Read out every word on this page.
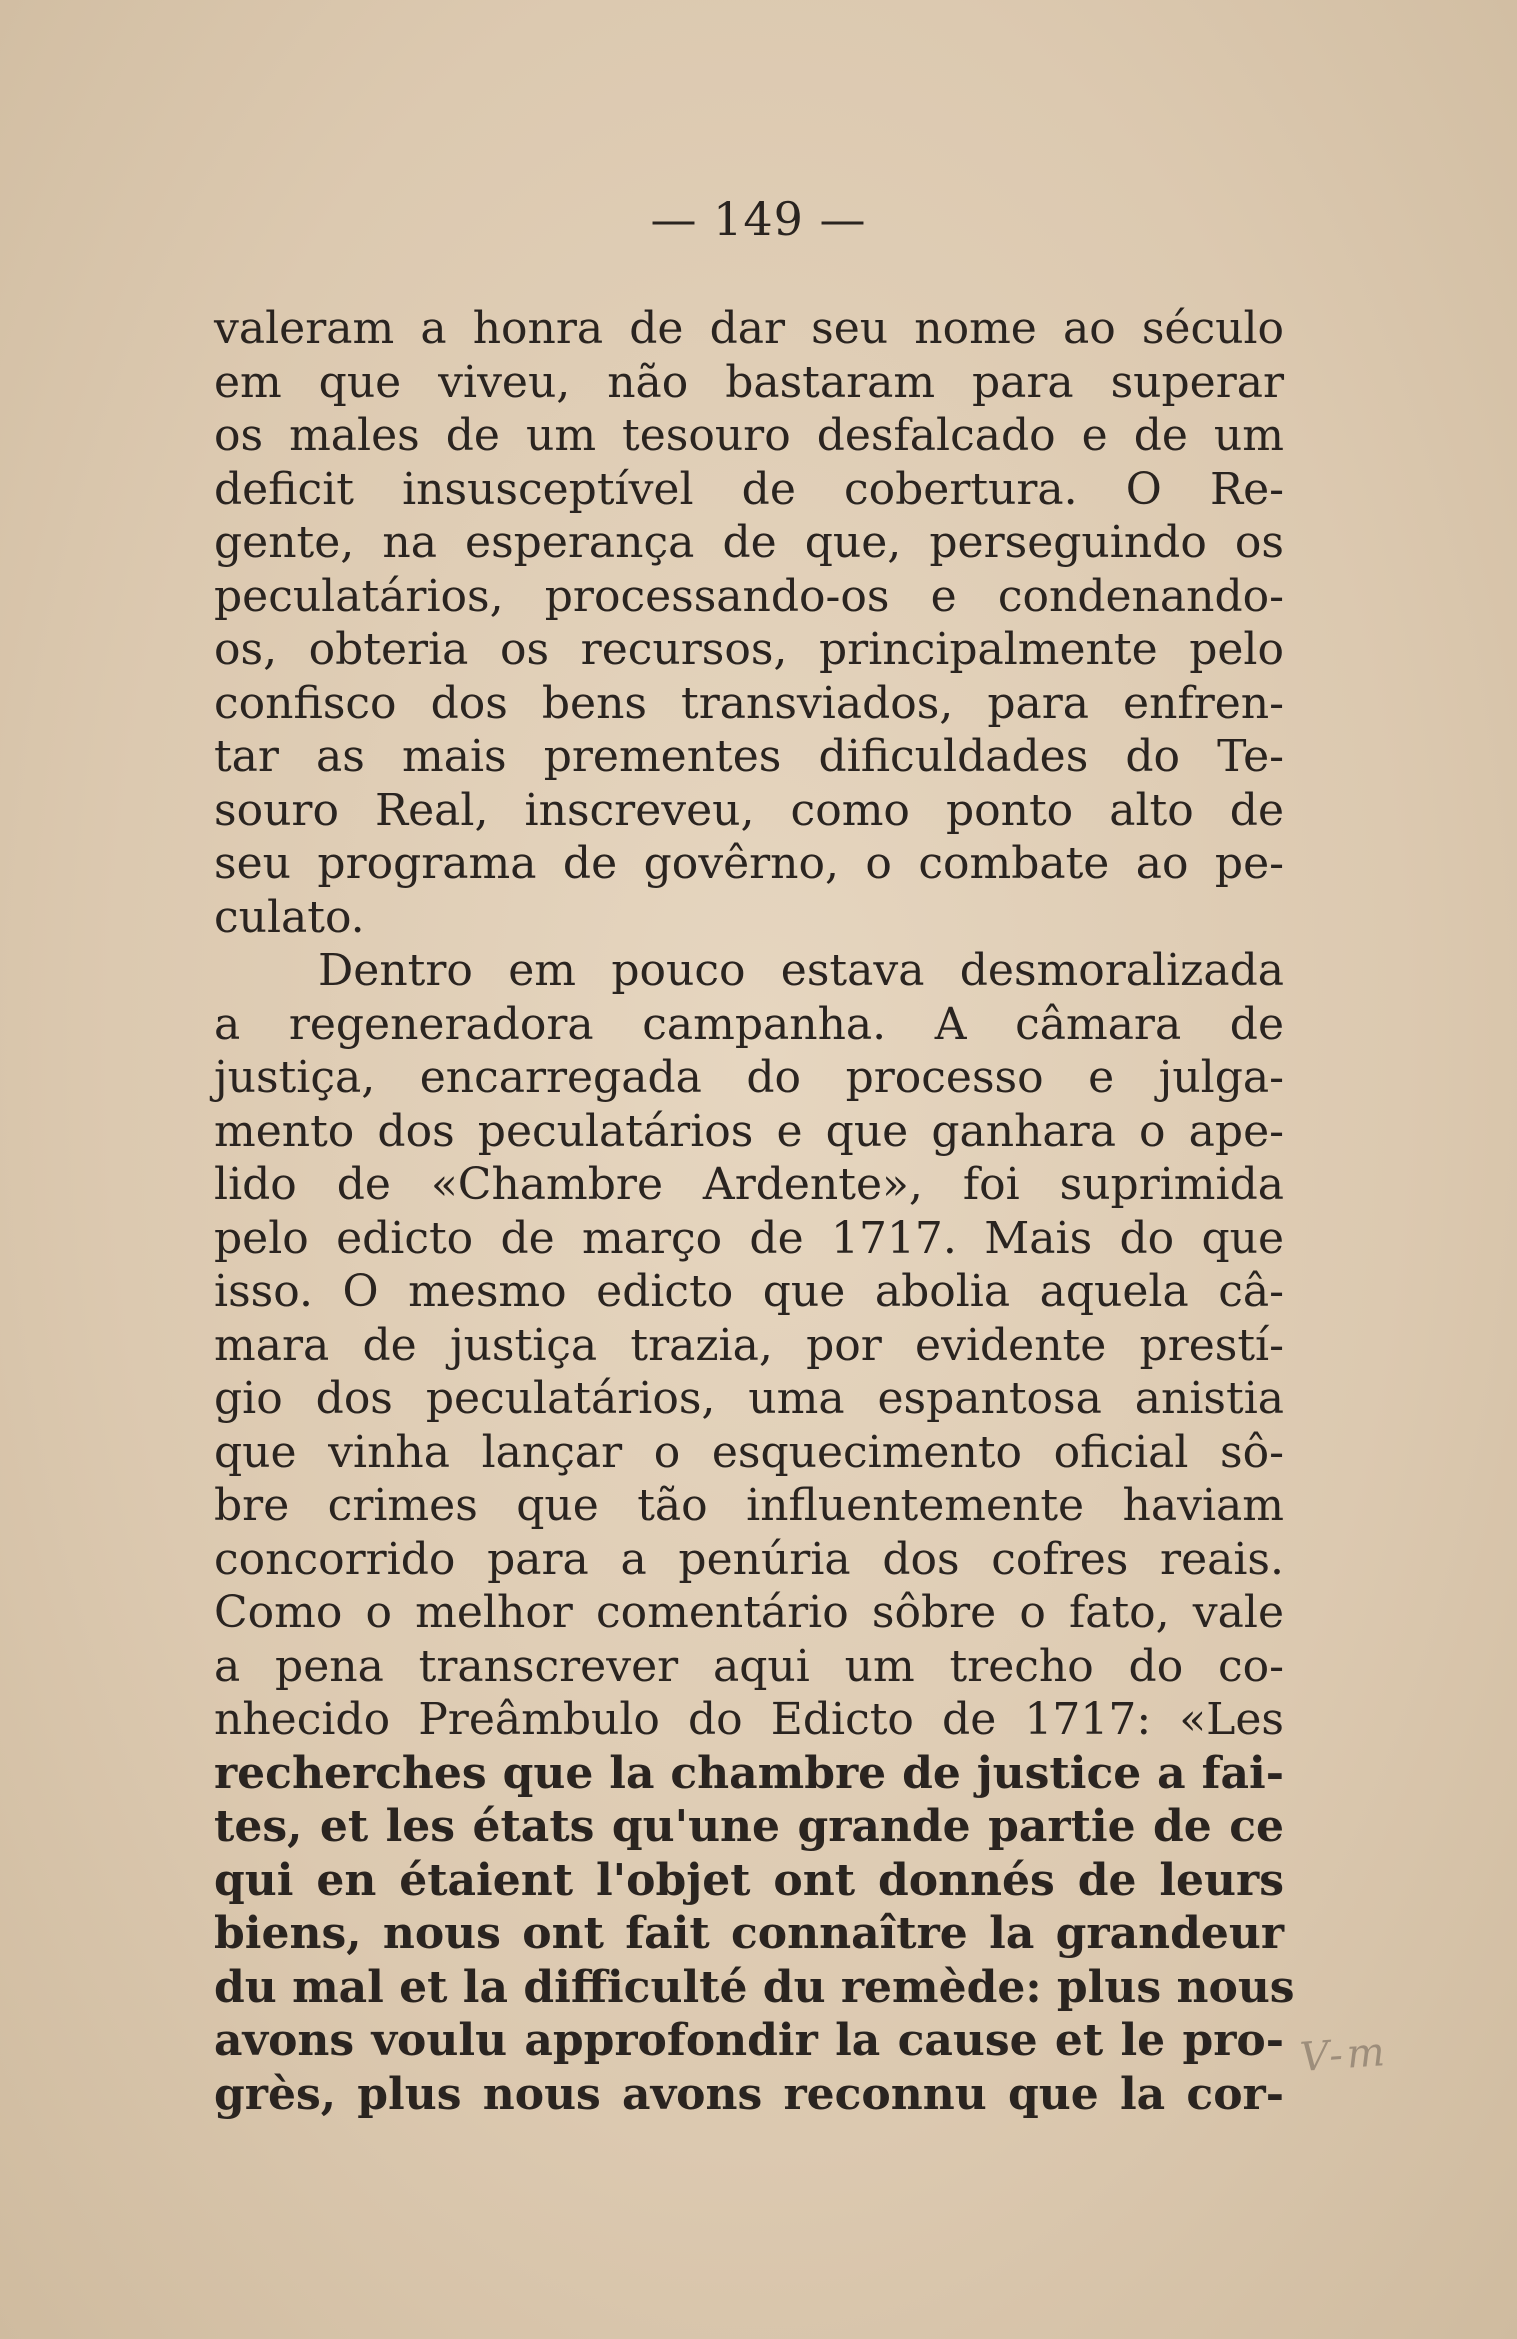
— 149 —
valeram a honra de dar seu nome ao século
em que viveu, não bastaram para superar
os males de um tesouro desfalcado e de um
deficit insusceptível de cobertura. O Re-
gente, na esperança de que, perseguindo os
peculatários, processando-os e condenando-
os, obteria os recursos, principalmente pelo
confisco dos bens transviados, para enfren-
tar as mais prementes dificuldades do Te-
souro Real, inscreveu, como ponto alto de
seu programa de govêrno, o combate ao pe-
culato.
Dentro em pouco estava desmoralizada
a regeneradora campanha. A câmara de
justiça, encarregada do processo e julga-
mento dos peculatários e que ganhara o ape-
lido de «Chambre Ardente», foi suprimida
pelo edicto de março de 1717. Mais do que
isso. O mesmo edicto que abolia aquela câ-
mara de justiça trazia, por evidente prestí-
gio dos peculatários, uma espantosa anistia
que vinha lançar o esquecimento oficial sô-
bre crimes que tão influentemente haviam
concorrido para a penúria dos cofres reais.
Como o melhor comentário sôbre o fato, vale
a pena transcrever aqui um trecho do co-
nhecido Preâmbulo do Edicto de 1717: «Les
recherches que la chambre de justice a fai-
tes, et les états qu'une grande partie de ce
qui en étaient l'objet ont donnés de leurs
biens, nous ont fait connaître la grandeur
du mal et la difficulté du remède: plus nous
avons voulu approfondir la cause et le pro-
grès, plus nous avons reconnu que la cor-
V-m
